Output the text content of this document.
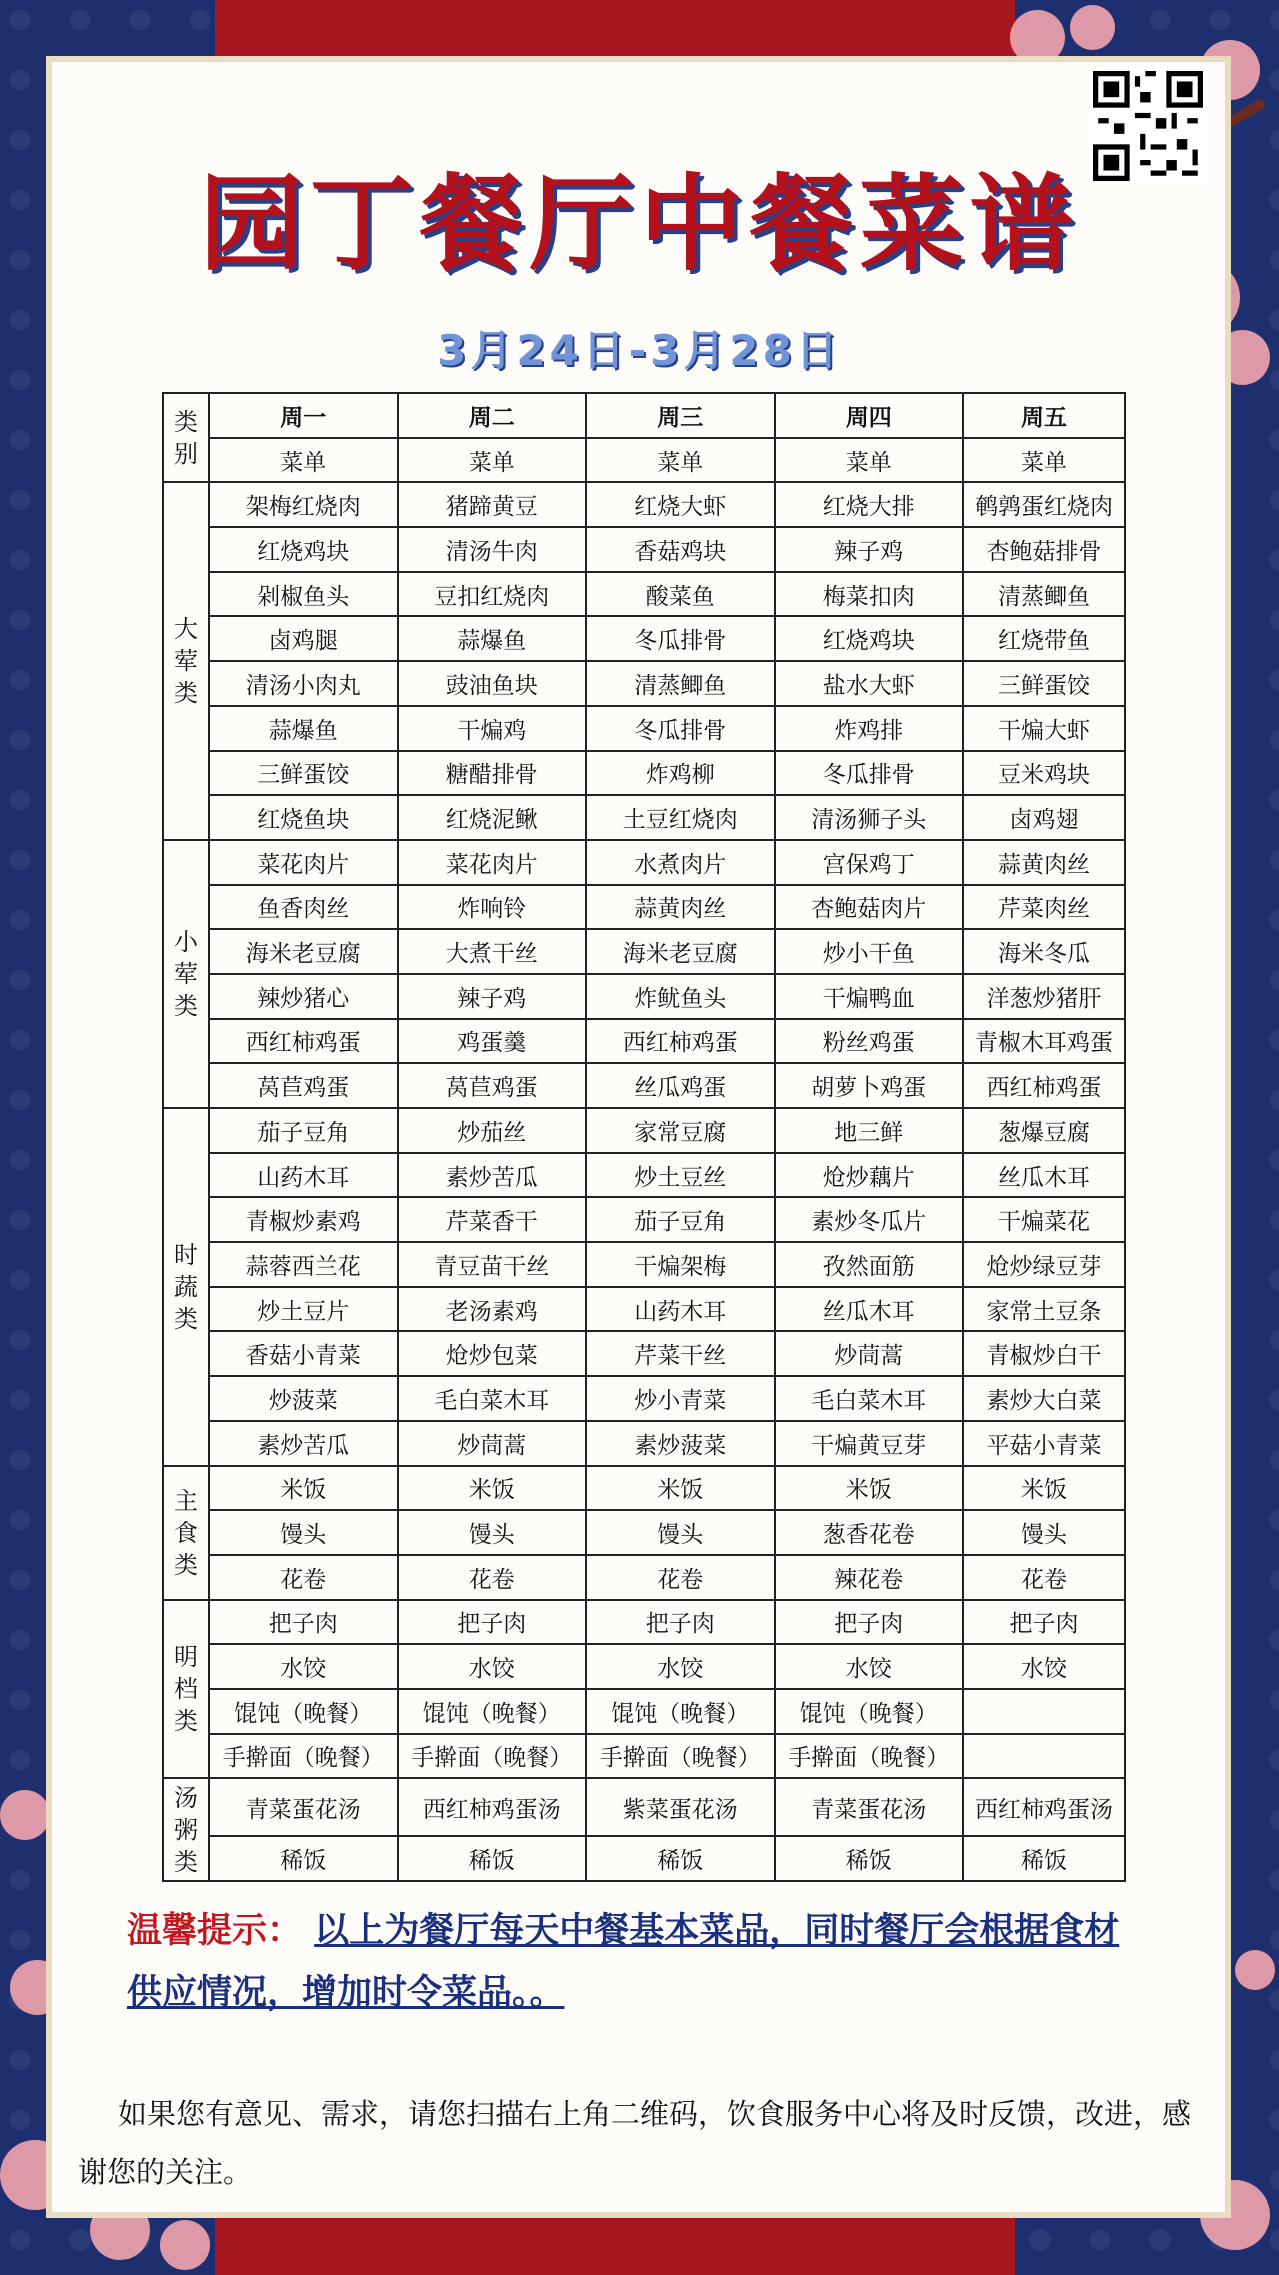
园丁餐厅中餐菜谱
3月24日-3月28日
类别	周一	周二	周三	周四	周五
	菜单	菜单	菜单	菜单	菜单
大荤类	架梅红烧肉	猪蹄黄豆	红烧大虾	红烧大排	鹌鹑蛋红烧肉
	红烧鸡块	清汤牛肉	香菇鸡块	辣子鸡	杏鲍菇排骨
	剁椒鱼头	豆扣红烧肉	酸菜鱼	梅菜扣肉	清蒸鲫鱼
	卤鸡腿	蒜爆鱼	冬瓜排骨	红烧鸡块	红烧带鱼
	清汤小肉丸	豉油鱼块	清蒸鲫鱼	盐水大虾	三鲜蛋饺
	蒜爆鱼	干煸鸡	冬瓜排骨	炸鸡排	干煸大虾
	三鲜蛋饺	糖醋排骨	炸鸡柳	冬瓜排骨	豆米鸡块
	红烧鱼块	红烧泥鳅	土豆红烧肉	清汤狮子头	卤鸡翅
小荤类	菜花肉片	菜花肉片	水煮肉片	宫保鸡丁	蒜黄肉丝
	鱼香肉丝	炸响铃	蒜黄肉丝	杏鲍菇肉片	芹菜肉丝
	海米老豆腐	大煮干丝	海米老豆腐	炒小干鱼	海米冬瓜
	辣炒猪心	辣子鸡	炸鱿鱼头	干煸鸭血	洋葱炒猪肝
	西红柿鸡蛋	鸡蛋羹	西红柿鸡蛋	粉丝鸡蛋	青椒木耳鸡蛋
	莴苣鸡蛋	莴苣鸡蛋	丝瓜鸡蛋	胡萝卜鸡蛋	西红柿鸡蛋
时蔬类	茄子豆角	炒茄丝	家常豆腐	地三鲜	葱爆豆腐
	山药木耳	素炒苦瓜	炒土豆丝	炝炒藕片	丝瓜木耳
	青椒炒素鸡	芹菜香干	茄子豆角	素炒冬瓜片	干煸菜花
	蒜蓉西兰花	青豆苗干丝	干煸架梅	孜然面筋	炝炒绿豆芽
	炒土豆片	老汤素鸡	山药木耳	丝瓜木耳	家常土豆条
	香菇小青菜	炝炒包菜	芹菜干丝	炒茼蒿	青椒炒白干
	炒菠菜	毛白菜木耳	炒小青菜	毛白菜木耳	素炒大白菜
	素炒苦瓜	炒茼蒿	素炒菠菜	干煸黄豆芽	平菇小青菜
主食类	米饭	米饭	米饭	米饭	米饭
	馒头	馒头	馒头	葱香花卷	馒头
	花卷	花卷	花卷	辣花卷	花卷
明档类	把子肉	把子肉	把子肉	把子肉	把子肉
	水饺	水饺	水饺	水饺	水饺
	馄饨（晚餐）	馄饨（晚餐）	馄饨（晚餐）	馄饨（晚餐）	
	手擀面（晚餐）	手擀面（晚餐）	手擀面（晚餐）	手擀面（晚餐）	
汤粥类	青菜蛋花汤	西红柿鸡蛋汤	紫菜蛋花汤	青菜蛋花汤	西红柿鸡蛋汤
	稀饭	稀饭	稀饭	稀饭	稀饭
温馨提示： 以上为餐厅每天中餐基本菜品，同时餐厅会根据食材供应情况，增加时令菜品。。
如果您有意见、需求，请您扫描右上角二维码，饮食服务中心将及时反馈，改进，感谢您的关注。
